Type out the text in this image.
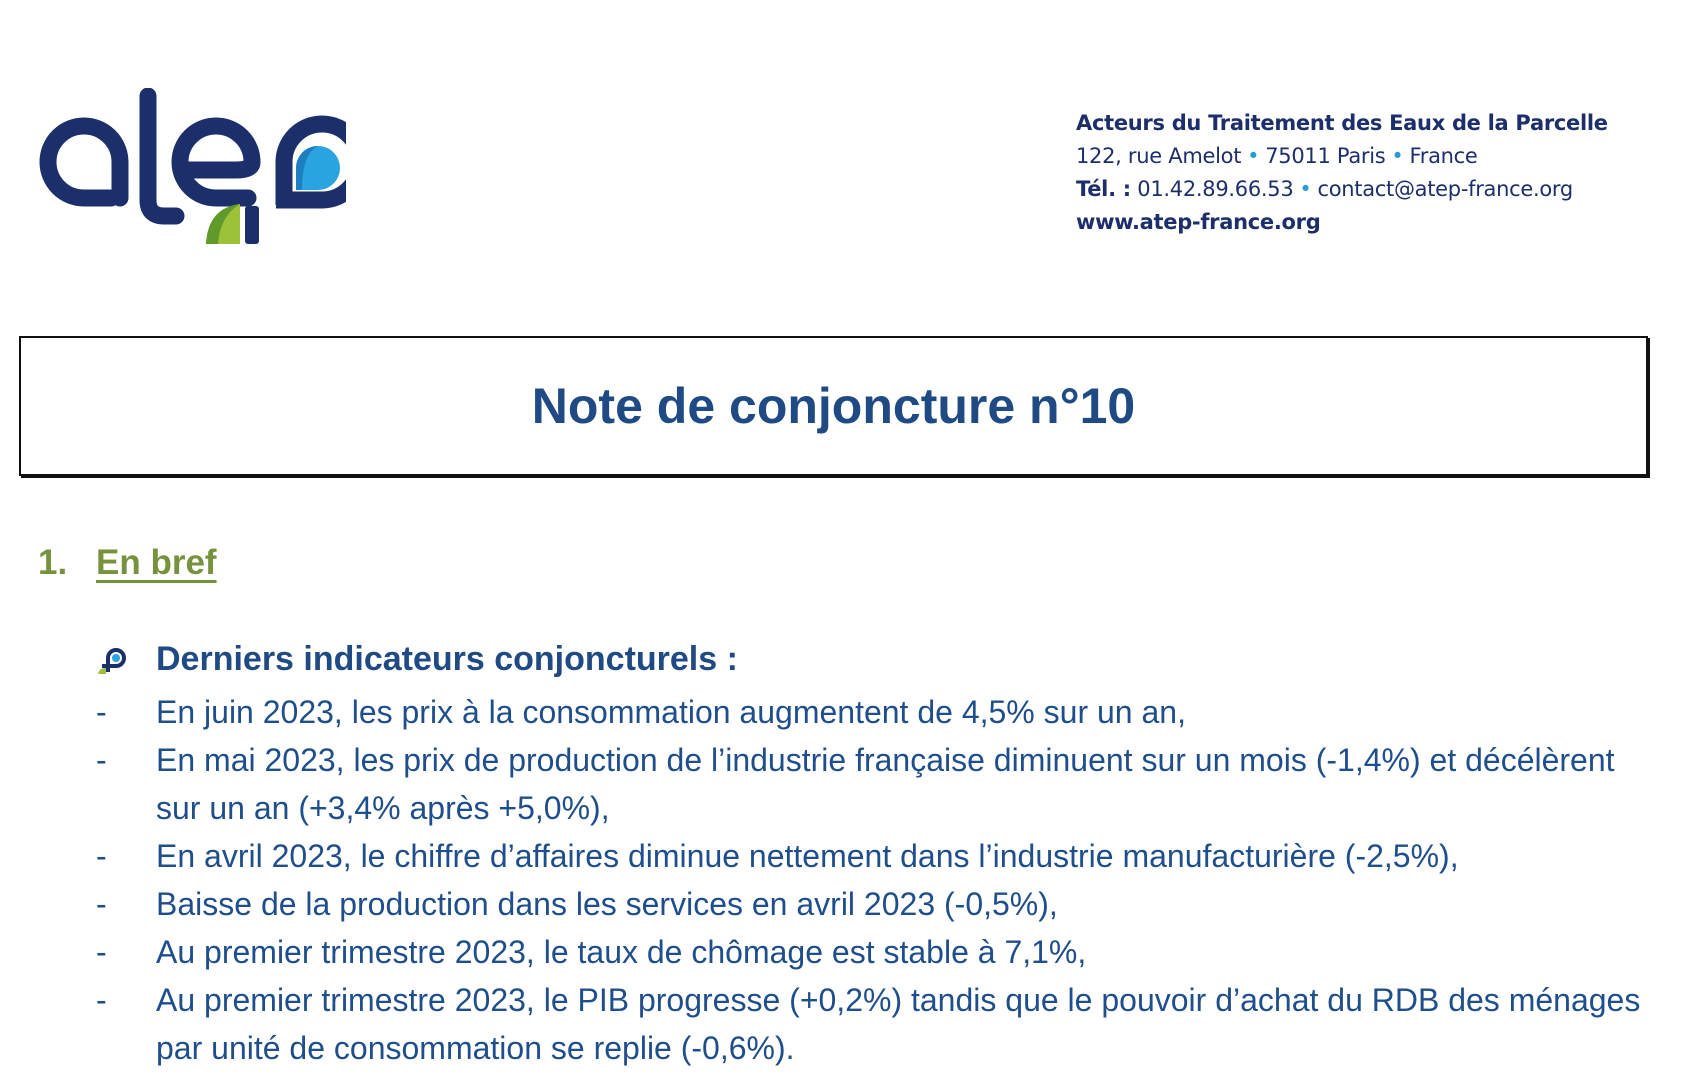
Acteurs du Traitement des Eaux de la Parcelle
122, rue Amelot • 75011 Paris • France
Tél. : 01.42.89.66.53 • contact@atep-france.org
www.atep-france.org
Note de conjoncture n°10
1. En bref
Derniers indicateurs conjoncturels :
- En juin 2023, les prix à la consommation augmentent de 4,5% sur un an,
- En mai 2023, les prix de production de l’industrie française diminuent sur un mois (-1,4%) et décélèrent sur un an (+3,4% après +5,0%),
- En avril 2023, le chiffre d’affaires diminue nettement dans l’industrie manufacturière (-2,5%),
- Baisse de la production dans les services en avril 2023 (-0,5%),
- Au premier trimestre 2023, le taux de chômage est stable à 7,1%,
- Au premier trimestre 2023, le PIB progresse (+0,2%) tandis que le pouvoir d’achat du RDB des ménages par unité de consommation se replie (-0,6%).
